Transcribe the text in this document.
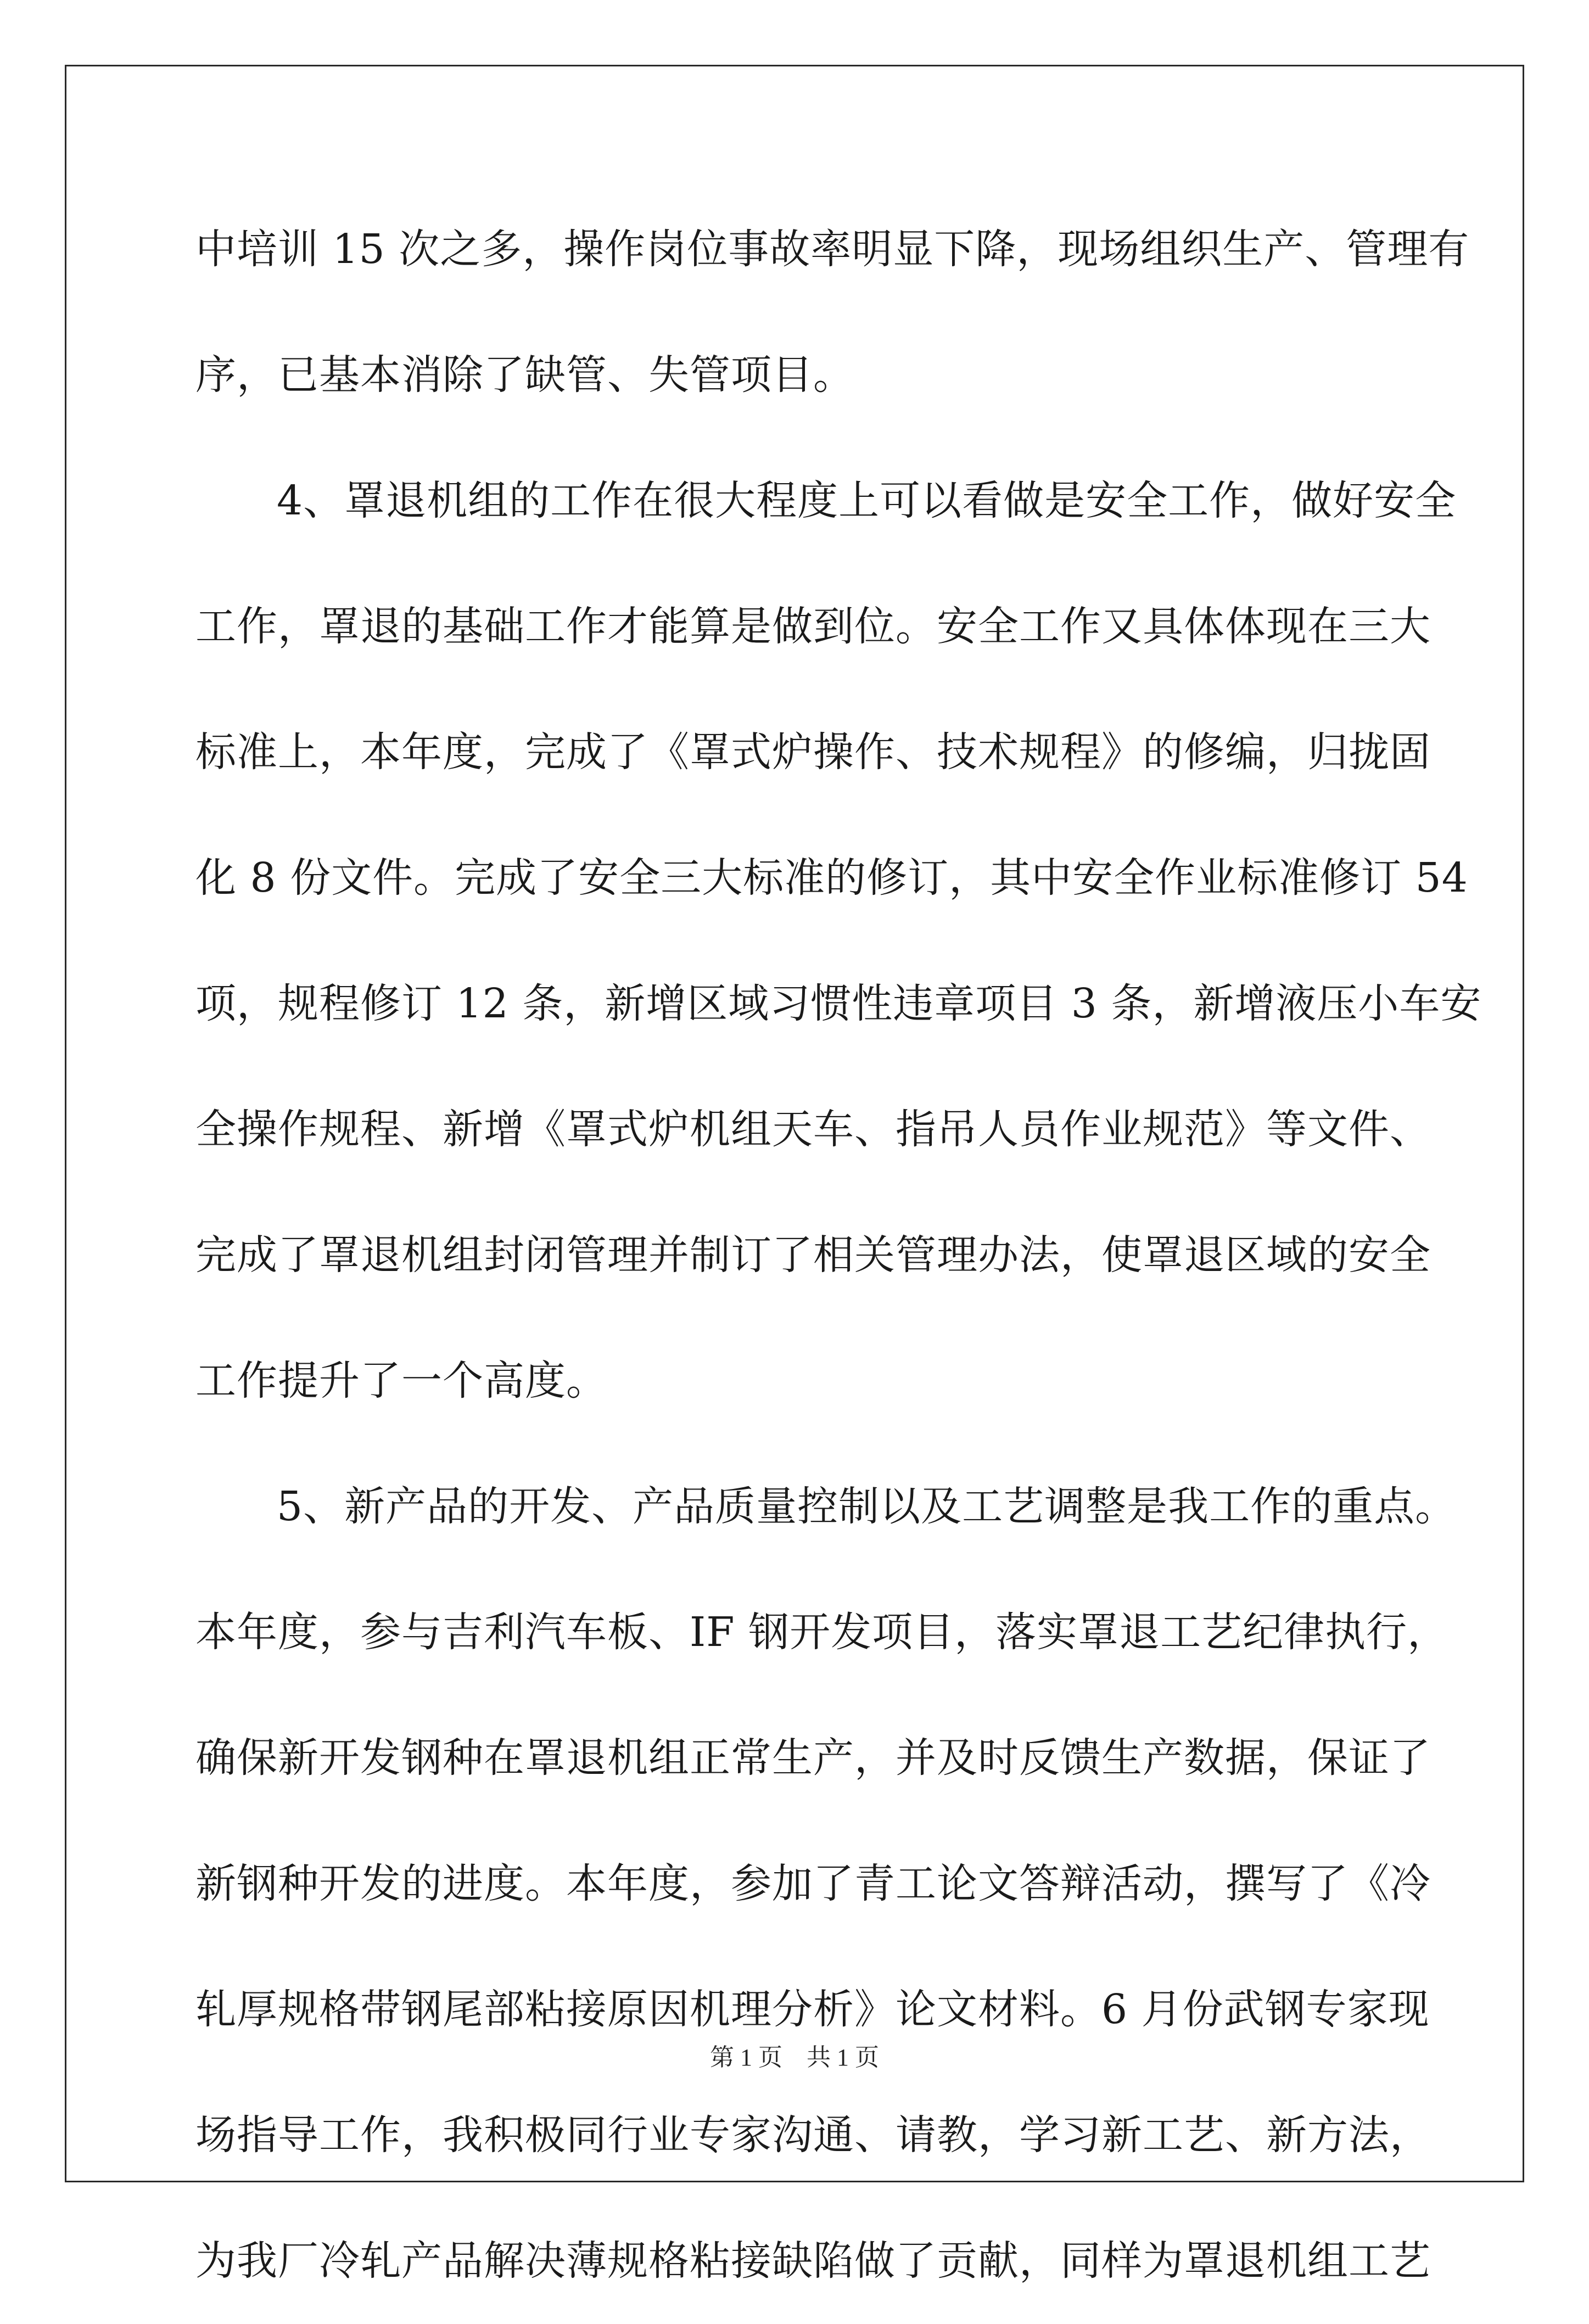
中培训 15 次之多，操作岗位事故率明显下降，现场组织生产、管理有
序，已基本消除了缺管、失管项目。
4、罩退机组的工作在很大程度上可以看做是安全工作，做好安全
工作，罩退的基础工作才能算是做到位。安全工作又具体体现在三大
标准上，本年度，完成了《罩式炉操作、技术规程》的修编，归拢固
化 8 份文件。完成了安全三大标准的修订，其中安全作业标准修订 54
项，规程修订 12 条，新增区域习惯性违章项目 3 条，新增液压小车安
全操作规程、新增《罩式炉机组天车、指吊人员作业规范》等文件、
完成了罩退机组封闭管理并制订了相关管理办法，使罩退区域的安全
工作提升了一个高度。
5、新产品的开发、产品质量控制以及工艺调整是我工作的重点。
本年度，参与吉利汽车板、IF 钢开发项目，落实罩退工艺纪律执行，
确保新开发钢种在罩退机组正常生产，并及时反馈生产数据，保证了
新钢种开发的进度。本年度，参加了青工论文答辩活动，撰写了《冷
轧厚规格带钢尾部粘接原因机理分析》论文材料。6 月份武钢专家现
场指导工作，我积极同行业专家沟通、请教，学习新工艺、新方法，
为我厂冷轧产品解决薄规格粘接缺陷做了贡献，同样为罩退机组工艺
第 1 页　共 1 页
